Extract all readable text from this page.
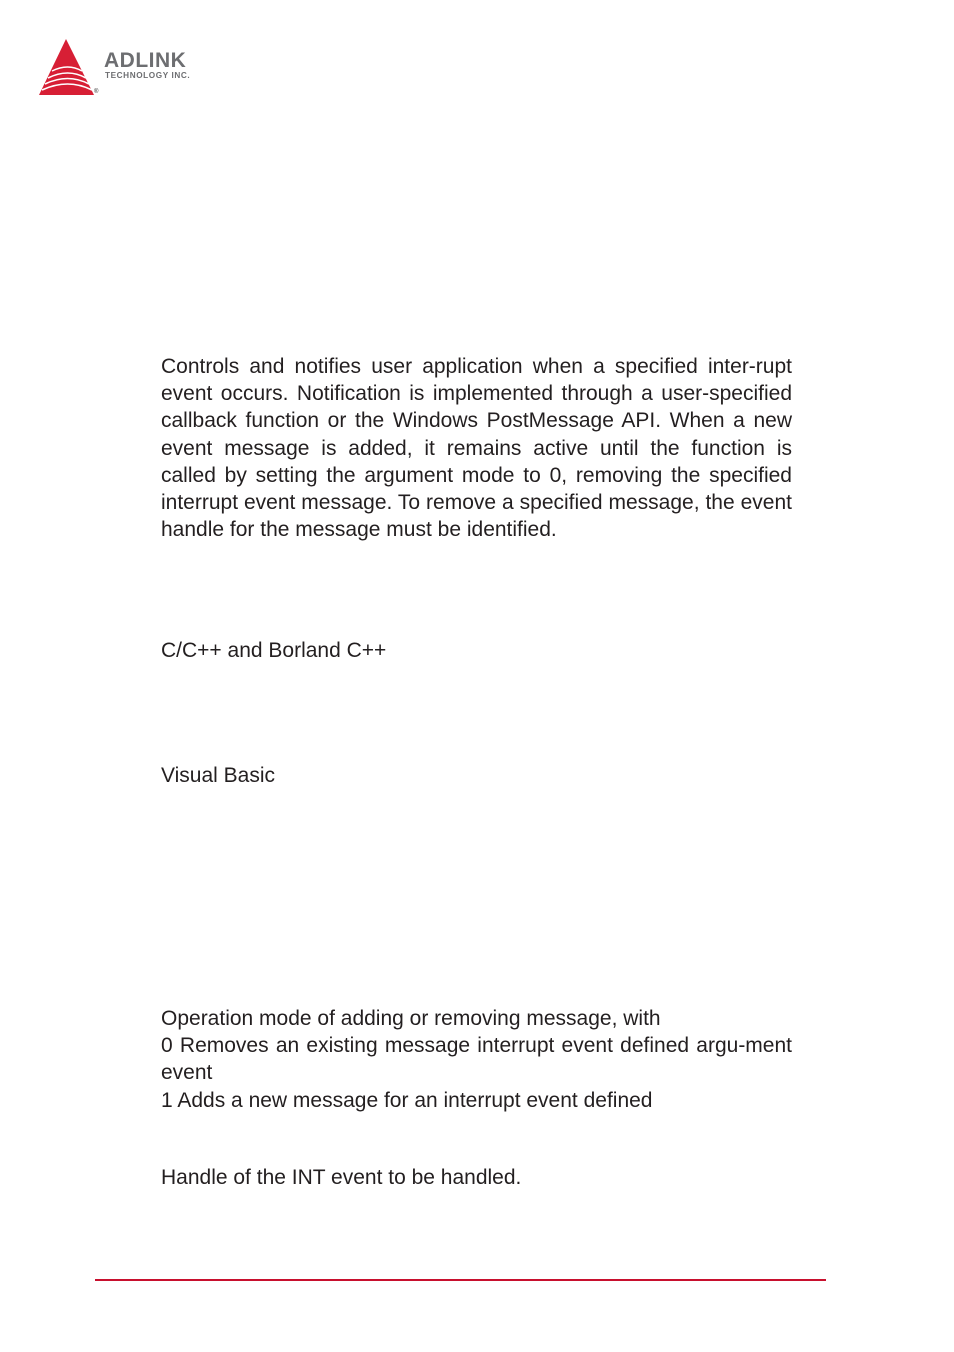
ADLINK
TECHNOLOGY INC.
®
Controls and notifies user application when a specified inter-rupt event occurs. Notification is implemented through a user-specified callback function or the Windows PostMessage API. When a new event message is added, it remains active until the function is called by setting the argument mode to 0, removing the specified interrupt event message. To remove a specified message, the event handle for the message must be identified.
C/C++ and Borland C++
Visual Basic

Operation mode of adding or removing message, with

0 Removes an existing message interrupt event defined argu-ment event

1 Adds a new message for an interrupt event defined

Handle of the INT event to be handled.
